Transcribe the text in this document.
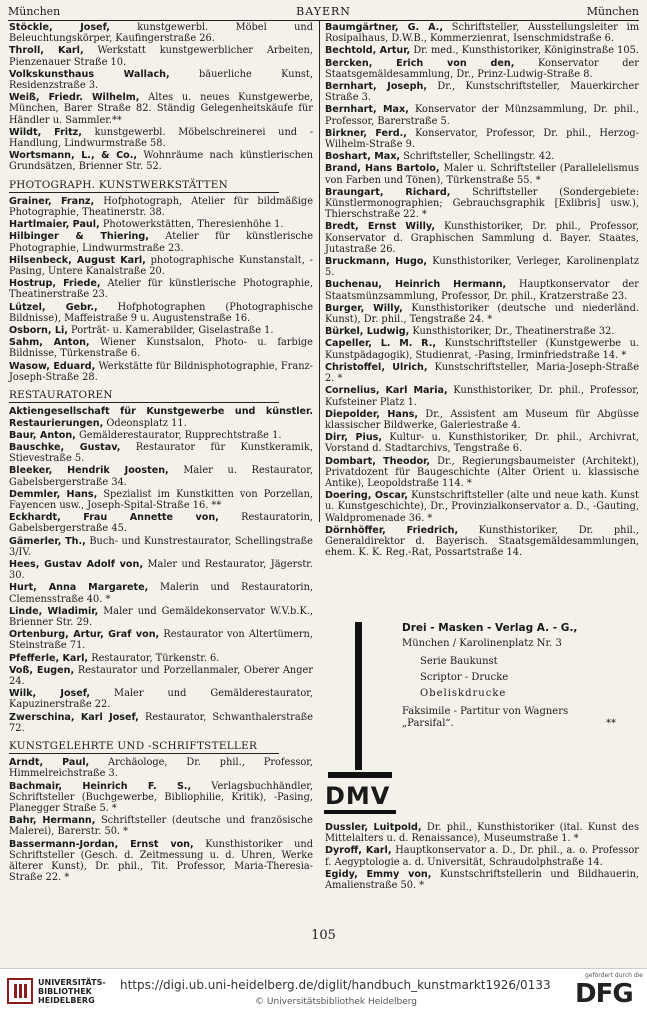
München	BAYERN	München
Stöckle, Josef,	kunstgewerbl. Möbel und Beleuchtungskörper, Kaufingerstraße 26.
Throll, Karl, Werkstatt kunstgewerblicher Arbeiten, Pienzenauer Straße 10.
Volkskunsthaus Wallach,	bäuerliche Kunst, Residenzstraße 3.
Weiß, Friedr. Wilhelm, Altes u. neues Kunstgewerbe, München, Barer Straße 82. Ständig Gelegenheitskäufe für Händler u. Sammler.**
Wildt, Fritz, kunstgewerbl. Möbelschreinerei und -Handlung, Lindwurmstraße 58.
Wortsmann, L., & Co., Wohnräume nach künstlerischen Grundsätzen, Brienner Str. 52.
PHOTOGRAPH. KUNSTWERKSTÄTTEN
Grainer, Franz, Hofphotograph, Atelier für bildmäßige Photographie, Theatinerstr. 38.
Hartlmaier, Paul, Photowerkstätten, Theresienhöhe 1.
Hilbinger & Thiering, Atelier für künstlerische Photographie, Lindwurmstraße 23.
Hilsenbeck, August Karl, photographische Kunstanstalt, -Pasing, Untere Kanalstraße 20.
Hostrup, Friede, Atelier für künstlerische Photographie, Theatinerstraße 23.
Lützel, Gebr., Hofphotographen (Photographische Bildnisse), Maffeistraße 9 u. Augustenstraße 16.
Osborn, Li, Porträt- u. Kamerabilder, Giselastraße 1.
Sahm, Anton, Wiener Kunstsalon, Photo- u. farbige Bildnisse, Türkenstraße 6.
Wasow, Eduard, Werkstätte für Bildnisphotographie, Franz-Joseph-Straße 28.
RESTAURATOREN
Aktiengesellschaft für Kunstgewerbe und künstler. Restaurierungen, Odeonsplatz 11.
Baur, Anton, Gemälderestaurator, Rupprechtstraße 1.
Bauschke, Gustav, Restaurator für Kunstkeramik, Stievestraße 5.
Bleeker, Hendrik Joosten, Maler u. Restaurator, Gabelsbergerstraße 34.
Demmler, Hans, Spezialist im Kunstkitten von Porzellan, Fayencen usw., Joseph-Spital-Straße 16. **
Eckhardt, Frau Annette von, Restauratorin, Gabelsbergerstraße 45.
Gämerler, Th., Buch- und Kunstrestaurator, Schellingstraße 3/IV.
Hees, Gustav Adolf von, Maler und Restaurator, Jägerstr. 30.
Hurt, Anna Margarete, Malerin und Restauratorin, Clemensstraße 40. *
Linde, Wladimir, Maler und Gemäldekonservator W.V.b.K., Brienner Str. 29.
Ortenburg, Artur, Graf von, Restaurator von Altertümern, Steinstraße 71.
Pfefferle, Karl, Restaurator, Türkenstr. 6.
Voß, Eugen, Restaurator und Porzellanmaler, Oberer Anger 24.
Wilk, Josef, Maler und Gemälderestaurator, Kapuzinerstraße 22.
Zwerschina, Karl Josef, Restaurator, Schwanthalerstraße 72.
KUNSTGELEHRTE UND -SCHRIFTSTELLER
Arndt, Paul, Archäologe, Dr. phil., Professor, Himmelreichstraße 3.
Bachmair, Heinrich F. S., Verlagsbuchhändler, Schriftsteller (Buchgewerbe, Bibliophilie, Kritik), -Pasing, Planegger Straße 5. *
Bahr, Hermann, Schriftsteller (deutsche und französische Malerei), Barerstr. 50. *
Bassermann-Jordan, Ernst von, Kunsthistoriker und Schriftsteller (Gesch. d. Zeitmessung u. d. Uhren, Werke älterer Kunst), Dr. phil., Tit. Professor, Maria-Theresia-Straße 22. *
Baumgärtner, G. A., Schriftsteller, Ausstellungsleiter im Rosipalhaus, D.W.B., Kommerzienrat, Isenschmidstraße 6.
Bechtold, Artur, Dr. med., Kunsthistoriker, Königinstraße 105.
Bercken, Erich von den, Konservator der Staatsgemäldesammlung, Dr., Prinz-Ludwig-Straße 8.
Bernhart, Joseph, Dr., Kunstschriftsteller, Mauerkircher Straße 3.
Bernhart, Max, Konservator der Münzsammlung, Dr. phil., Professor, Barerstraße 5.
Birkner, Ferd., Konservator, Professor, Dr. phil., Herzog-Wilhelm-Straße 9.
Boshart, Max, Schriftsteller, Schellingstr. 42.
Brand, Hans Bartolo, Maler u. Schriftsteller (Parallelelismus von Farben und Tönen), Türkenstraße 55. *
Braungart, Richard, Schriftsteller (Sondergebiete: Künstlermonographien; Gebrauchsgraphik [Exlibris] usw.), Thierschstraße 22. *
Bredt, Ernst Willy, Kunsthistoriker, Dr. phil., Professor, Konservator d. Graphischen Sammlung d. Bayer. Staates, Jutastraße 26.
Bruckmann, Hugo, Kunsthistoriker, Verleger, Karolinenplatz 5.
Buchenau, Heinrich Hermann, Hauptkonservator der Staatsmünzsammlung, Professor, Dr. phil., Kratzerstraße 23.
Burger, Willy, Kunsthistoriker (deutsche und niederländ. Kunst), Dr. phil., Tengstraße 24. *
Bürkel, Ludwig, Kunsthistoriker, Dr., Theatinerstraße 32.
Capeller, L. M. R., Kunstschriftsteller (Kunstgewerbe u. Kunstpädagogik), Studienrat, -Pasing, Irminfriedstraße 14. *
Christoffel, Ulrich, Kunstschriftsteller, Maria-Joseph-Straße 2. *
Cornelius, Karl Maria, Kunsthistoriker, Dr. phil., Professor, Kufsteiner Platz 1.
Diepolder, Hans, Dr., Assistent am Museum für Abgüsse klassischer Bildwerke, Galeriestraße 4.
Dirr, Pius, Kultur- u. Kunsthistoriker, Dr. phil., Archivrat, Vorstand d. Stadtarchivs, Tengstraße 6.
Dombart, Theodor, Dr., Regierungsbaumeister (Architekt), Privatdozent für Baugeschichte (Alter Orient u. klassische Antike), Leopoldstraße 114. *
Doering, Oscar, Kunstschriftsteller (alte und neue kath. Kunst u. Kunstgeschichte), Dr., Provinzialkonservator a. D., -Gauting, Waldpromenade 36. *
Dörnhöffer, Friedrich, Kunsthistoriker, Dr. phil., Generaldirektor d. Bayerisch. Staatsgemäldesammlungen, ehem. K. K. Reg.-Rat, Possartstraße 14.
DMV
Drei - Masken - Verlag A. - G.,
München / Karolinenplatz Nr. 3
Serie Baukunst
Scriptor - Drucke
Obeliskdrucke
Faksimile - Partitur von Wagners „Parsifal“.	**
Dussler, Luitpold, Dr. phil., Kunsthistoriker (ital. Kunst des Mittelalters u. d. Renaissance), Museumstraße 1. *
Dyroff, Karl, Hauptkonservator a. D., Dr. phil., a. o. Professor f. Aegyptologie a. d. Universität, Schraudolphstraße 14.
Egidy, Emmy von, Kunstschriftstellerin und Bildhauerin, Amalienstraße 50. *
105
UNIVERSITÄTS-
BIBLIOTHEK
HEIDELBERG
https://digi.ub.uni-heidelberg.de/diglit/handbuch_kunstmarkt1926/0133
© Universitätsbibliothek Heidelberg
gefördert durch die
DFG
